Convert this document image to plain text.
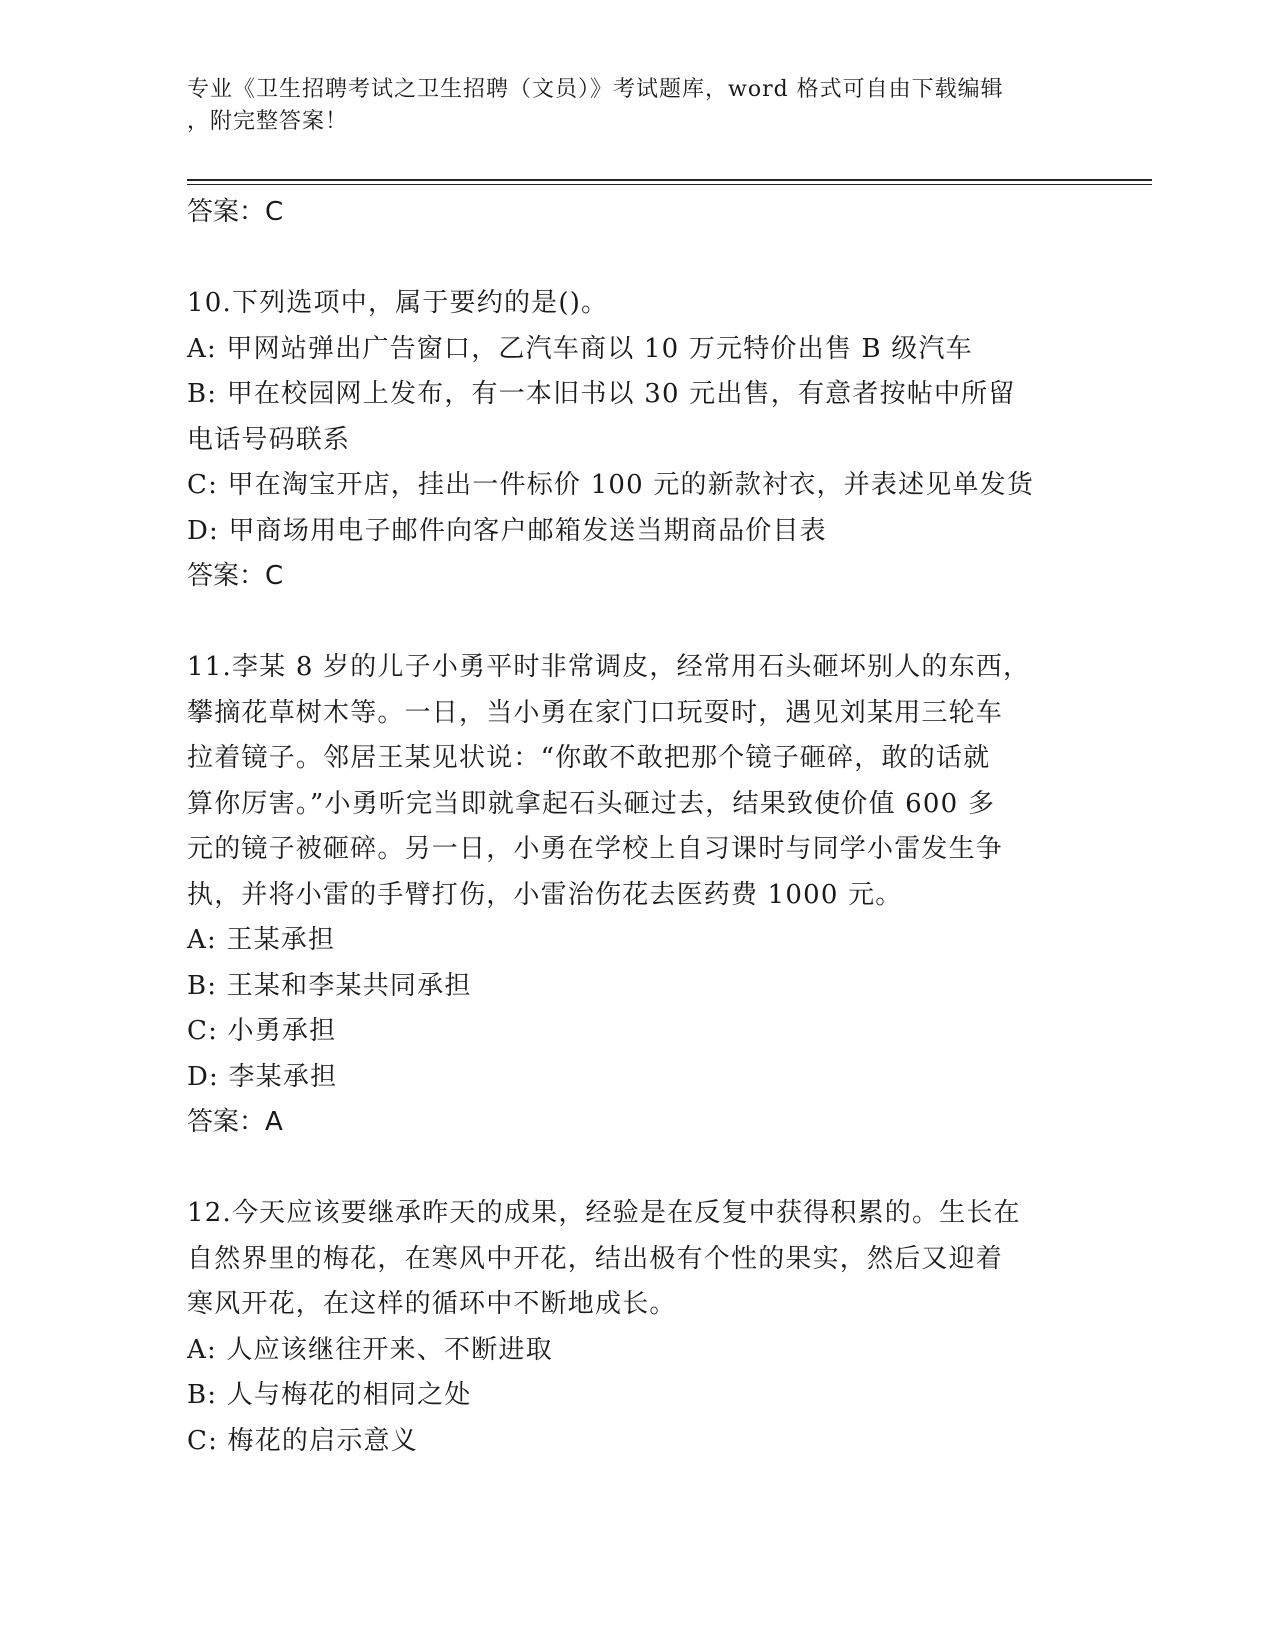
专业《卫生招聘考试之卫生招聘（文员）》考试题库，word 格式可自由下载编辑
，附完整答案！
答案：C
10.下列选项中，属于要约的是()。
A: 甲网站弹出广告窗口，乙汽车商以 10 万元特价出售 B 级汽车
B: 甲在校园网上发布，有一本旧书以 30 元出售，有意者按帖中所留
电话号码联系
C: 甲在淘宝开店，挂出一件标价 100 元的新款衬衣，并表述见单发货
D: 甲商场用电子邮件向客户邮箱发送当期商品价目表
答案：C
11.李某 8 岁的儿子小勇平时非常调皮，经常用石头砸坏别人的东西，
攀摘花草树木等。一日，当小勇在家门口玩耍时，遇见刘某用三轮车
拉着镜子。邻居王某见状说：“你敢不敢把那个镜子砸碎，敢的话就
算你厉害。”小勇听完当即就拿起石头砸过去，结果致使价值 600 多
元的镜子被砸碎。另一日，小勇在学校上自习课时与同学小雷发生争
执，并将小雷的手臂打伤，小雷治伤花去医药费 1000 元。
A: 王某承担
B: 王某和李某共同承担
C: 小勇承担
D: 李某承担
答案：A
12.今天应该要继承昨天的成果，经验是在反复中获得积累的。生长在
自然界里的梅花，在寒风中开花，结出极有个性的果实，然后又迎着
寒风开花，在这样的循环中不断地成长。
A: 人应该继往开来、不断进取
B: 人与梅花的相同之处
C: 梅花的启示意义
